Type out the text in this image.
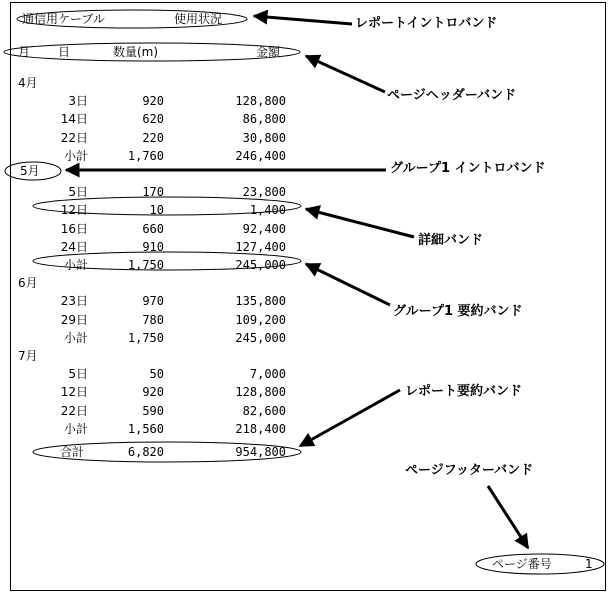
通信用ケーブル	使用状況
月 日	数量(m)	金額
4月
3日	920	128,800
14日	620	86,800
22日	220	30,800
小計	1,760	246,400
5月
5日	170	23,800
12日	10	1,400
16日	660	92,400
24日	910	127,400
小計	1,750	245,000
6月
23日	970	135,800
29日	780	109,200
小計	1,750	245,000
7月
5日	50	7,000
12日	920	128,800
22日	590	82,600
小計	1,560	218,400
合計	6,820	954,800
ページ番号	1
レポートイントロバンド
ページヘッダーバンド
グループ1 イントロバンド
詳細バンド
グループ1 要約バンド
レポート要約バンド
ページフッターバンド
